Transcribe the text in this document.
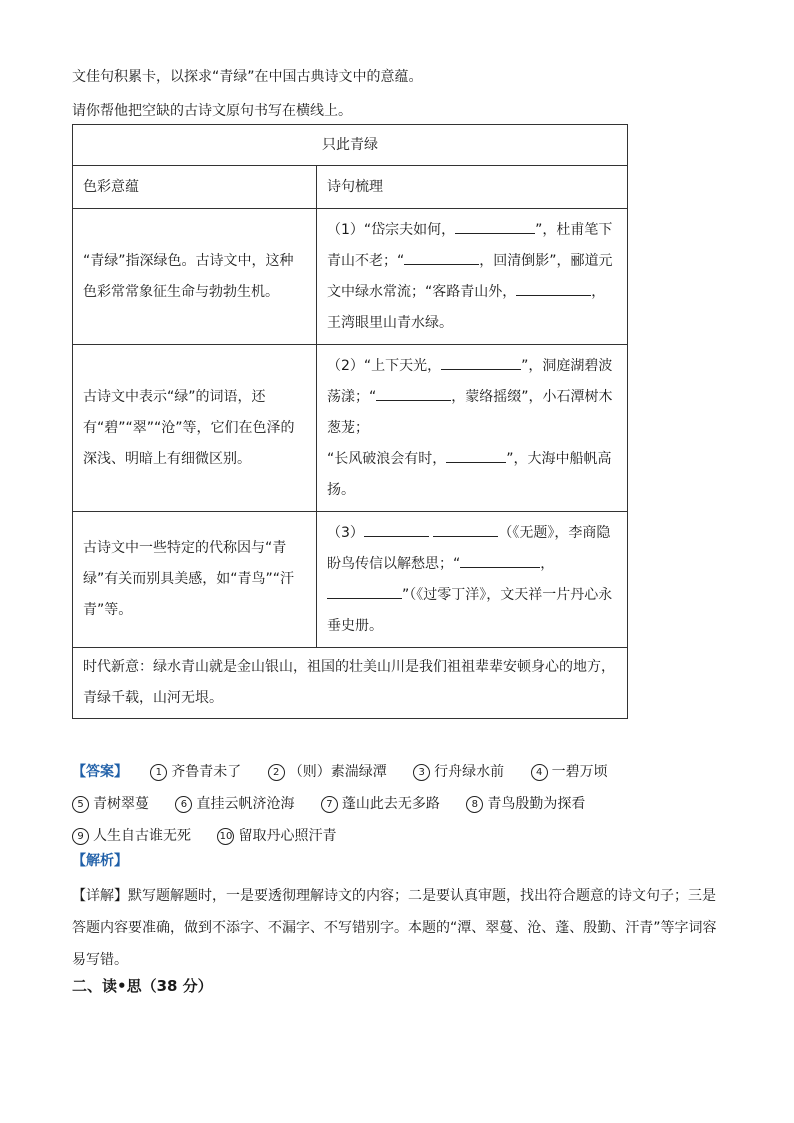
文佳句积累卡，以探求“青绿”在中国古典诗文中的意蕴。
请你帮他把空缺的古诗文原句书写在横线上。
只此青绿	
色彩意蕴	诗句梳理
“青绿”指深绿色。古诗文中，这种色彩常常象征生命与勃勃生机。	（1）“岱宗夫如何， ”，杜甫笔下青山不老；“ ，回清倒影”，郦道元文中绿水常流；“客路青山外， ，王湾眼里山青水绿。
古诗文中表示“绿”的词语，还有“碧”“翠”“沧”等，它们在色泽的深浅、明暗上有细微区别。	（2）“上下天光， ”，洞庭湖碧波荡漾；“ ，蒙络摇缀”，小石潭树木葱茏；
“长风破浪会有时， ”，大海中船帆高扬。
古诗文中一些特定的代称因与“青绿”有关而别具美感，如“青鸟”“汗青”等。	（3） （《无题》，李商隐盼鸟传信以解愁思；“ ，”（《过零丁洋》，文天祥一片丹心永垂史册。
时代新意：绿水青山就是金山银山，祖国的壮美山川是我们祖祖辈辈安顿身心的地方，青绿千载，山河无垠。	
【答案】	1 齐鲁青未了	2 （则）素湍绿潭	3 行舟绿水前	4 一碧万顷 5 青树翠蔓	6 直挂云帆济沧海	7 蓬山此去无多路	8 青鸟殷勤为探看 9 人生自古谁无死	10 留取丹心照汗青
【解析】
【详解】默写题解题时，一是要透彻理解诗文的内容；二是要认真审题，找出符合题意的诗文句子；三是答题内容要准确，做到不添字、不漏字、不写错别字。本题的“潭、翠蔓、沧、蓬、殷勤、汗青”等字词容易写错。
二、读•思（38 分）
